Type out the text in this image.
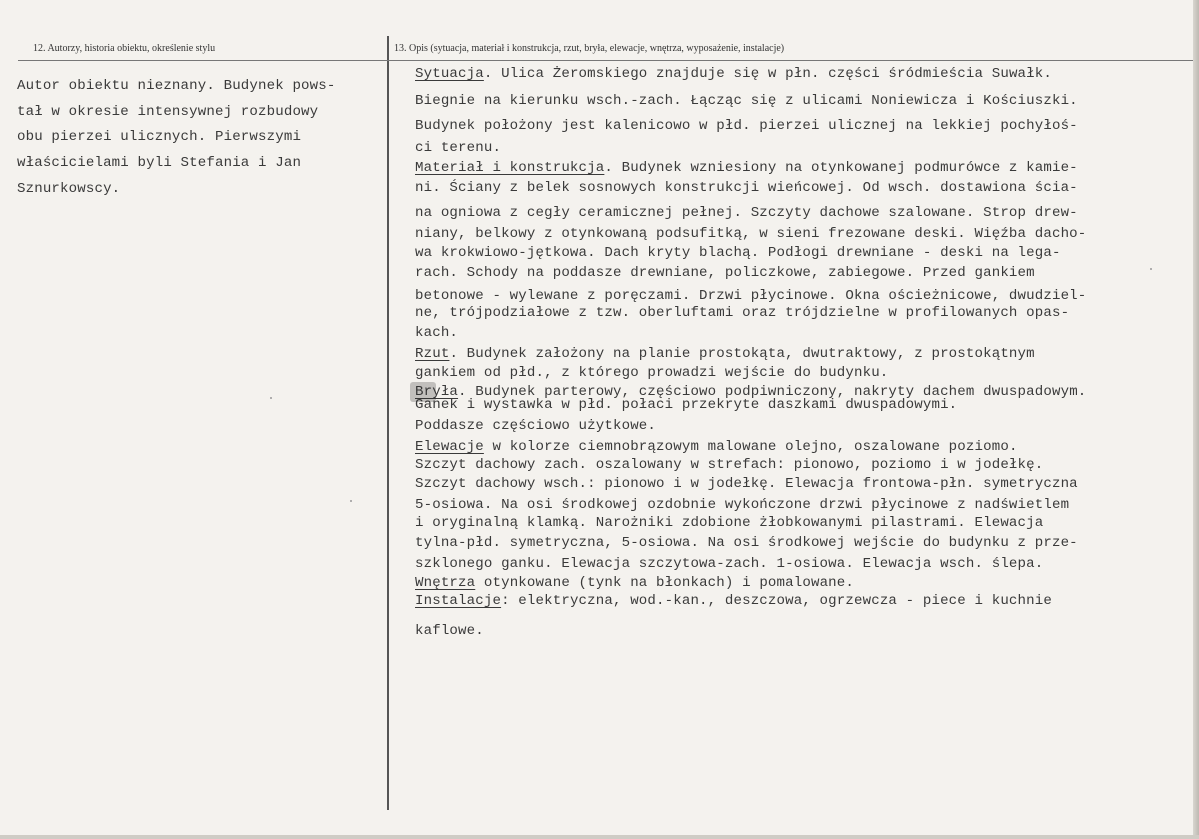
12. Autorzy, historia obiektu, określenie stylu	13. Opis (sytuacja, materiał i konstrukcja, rzut, bryła, elewacje, wnętrza, wyposażenie, instalacje)
Autor obiektu nieznany. Budynek pows-
tał w okresie intensywnej rozbudowy
obu pierzei ulicznych. Pierwszymi
właścicielami byli Stefania i Jan
Sznurkowscy.
Sytuacja. Ulica Żeromskiego znajduje się w płn. części śródmieścia Suwałk.
Biegnie na kierunku wsch.-zach. Łącząc się z ulicami Noniewicza i Kościuszki.
Budynek położony jest kalenicowo w płd. pierzei ulicznej na lekkiej pochyłoś-
ci terenu.
Materiał i konstrukcja. Budynek wzniesiony na otynkowanej podmurówce z kamie-
ni. Ściany z belek sosnowych konstrukcji wieńcowej. Od wsch. dostawiona ścia-
na ogniowa z cegły ceramicznej pełnej. Szczyty dachowe szalowane. Strop drew-
niany, belkowy z otynkowaną podsufitką, w sieni frezowane deski. Więźba dacho-
wa krokwiowo-jętkowa. Dach kryty blachą. Podłogi drewniane - deski na lega-
rach. Schody na poddasze drewniane, policzkowe, zabiegowe. Przed gankiem
betonowe - wylewane z poręczami. Drzwi płycinowe. Okna ościeżnicowe, dwudziel-
ne, trójpodziałowe z tzw. oberluftami oraz trójdzielne w profilowanych opas-
kach.
Rzut. Budynek założony na planie prostokąta, dwutraktowy, z prostokątnym
gankiem od płd., z którego prowadzi wejście do budynku.
Bryła. Budynek parterowy, częściowo podpiwniczony, nakryty dachem dwuspadowym.
Ganek i wystawka w płd. połaci przekryte daszkami dwuspadowymi.
Poddasze częściowo użytkowe.
Elewacje w kolorze ciemnobrązowym malowane olejno, oszalowane poziomo.
Szczyt dachowy zach. oszalowany w strefach: pionowo, poziomo i w jodełkę.
Szczyt dachowy wsch.: pionowo i w jodełkę. Elewacja frontowa-płn. symetryczna
5-osiowa. Na osi środkowej ozdobnie wykończone drzwi płycinowe z nadświetlem
i oryginalną klamką. Narożniki zdobione żłobkowanymi pilastrami. Elewacja
tylna-płd. symetryczna, 5-osiowa. Na osi środkowej wejście do budynku z prze-
szklonego ganku. Elewacja szczytowa-zach. 1-osiowa. Elewacja wsch. ślepa.
Wnętrza otynkowane (tynk na błonkach) i pomalowane.
Instalacje: elektryczna, wod.-kan., deszczowa, ogrzewcza - piece i kuchnie
kaflowe.
